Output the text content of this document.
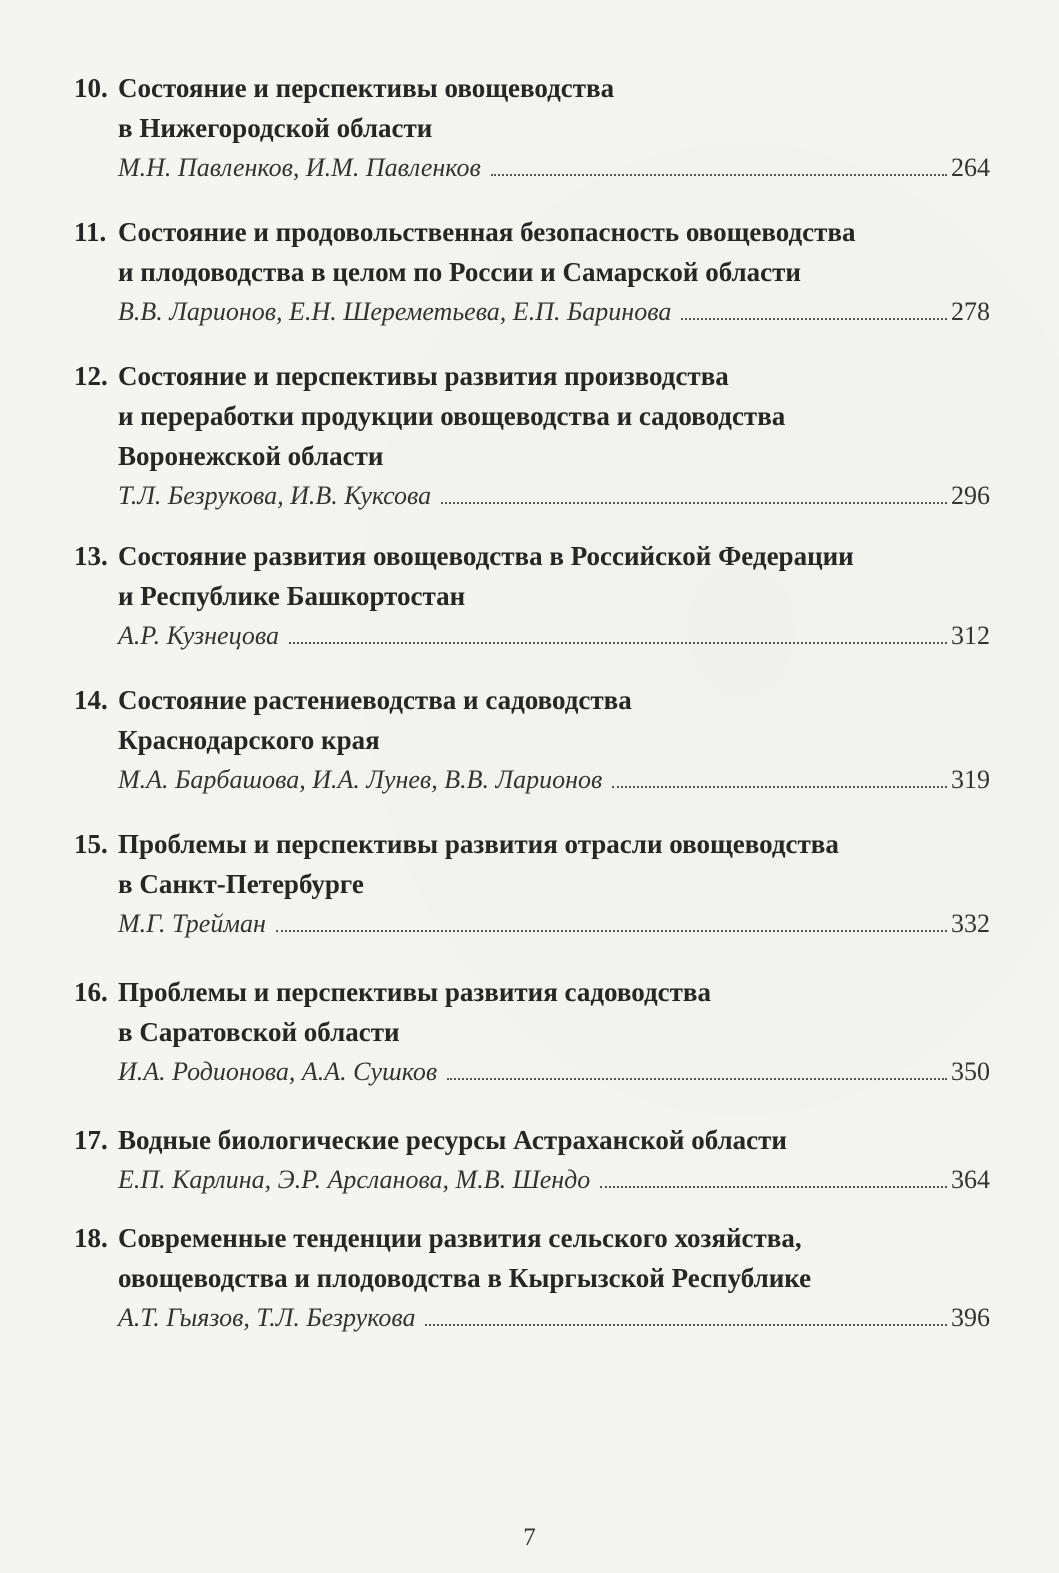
10. Состояние и перспективы овощеводства
в Нижегородской области
М.Н. Павленков, И.М. Павленков	264
11. Состояние и продовольственная безопасность овощеводства
и плодоводства в целом по России и Самарской области
В.В. Ларионов, Е.Н. Шереметьева, Е.П. Баринова	278
12. Состояние и перспективы развития производства
и переработки продукции овощеводства и садоводства
Воронежской области
Т.Л. Безрукова, И.В. Куксова	296
13. Состояние развития овощеводства в Российской Федерации
и Республике Башкортостан
А.Р. Кузнецова	312
14. Состояние растениеводства и садоводства
Краснодарского края
М.А. Барбашова, И.А. Лунев, В.В. Ларионов	319
15. Проблемы и перспективы развития отрасли овощеводства
в Санкт-Петербурге
М.Г. Трейман	332
16. Проблемы и перспективы развития садоводства
в Саратовской области
И.А. Родионова, А.А. Сушков	350
17. Водные биологические ресурсы Астраханской области
Е.П. Карлина, Э.Р. Арсланова, М.В. Шендо	364
18. Современные тенденции развития сельского хозяйства,
овощеводства и плодоводства в Кыргызской Республике
А.Т. Гыязов, Т.Л. Безрукова	396
7
